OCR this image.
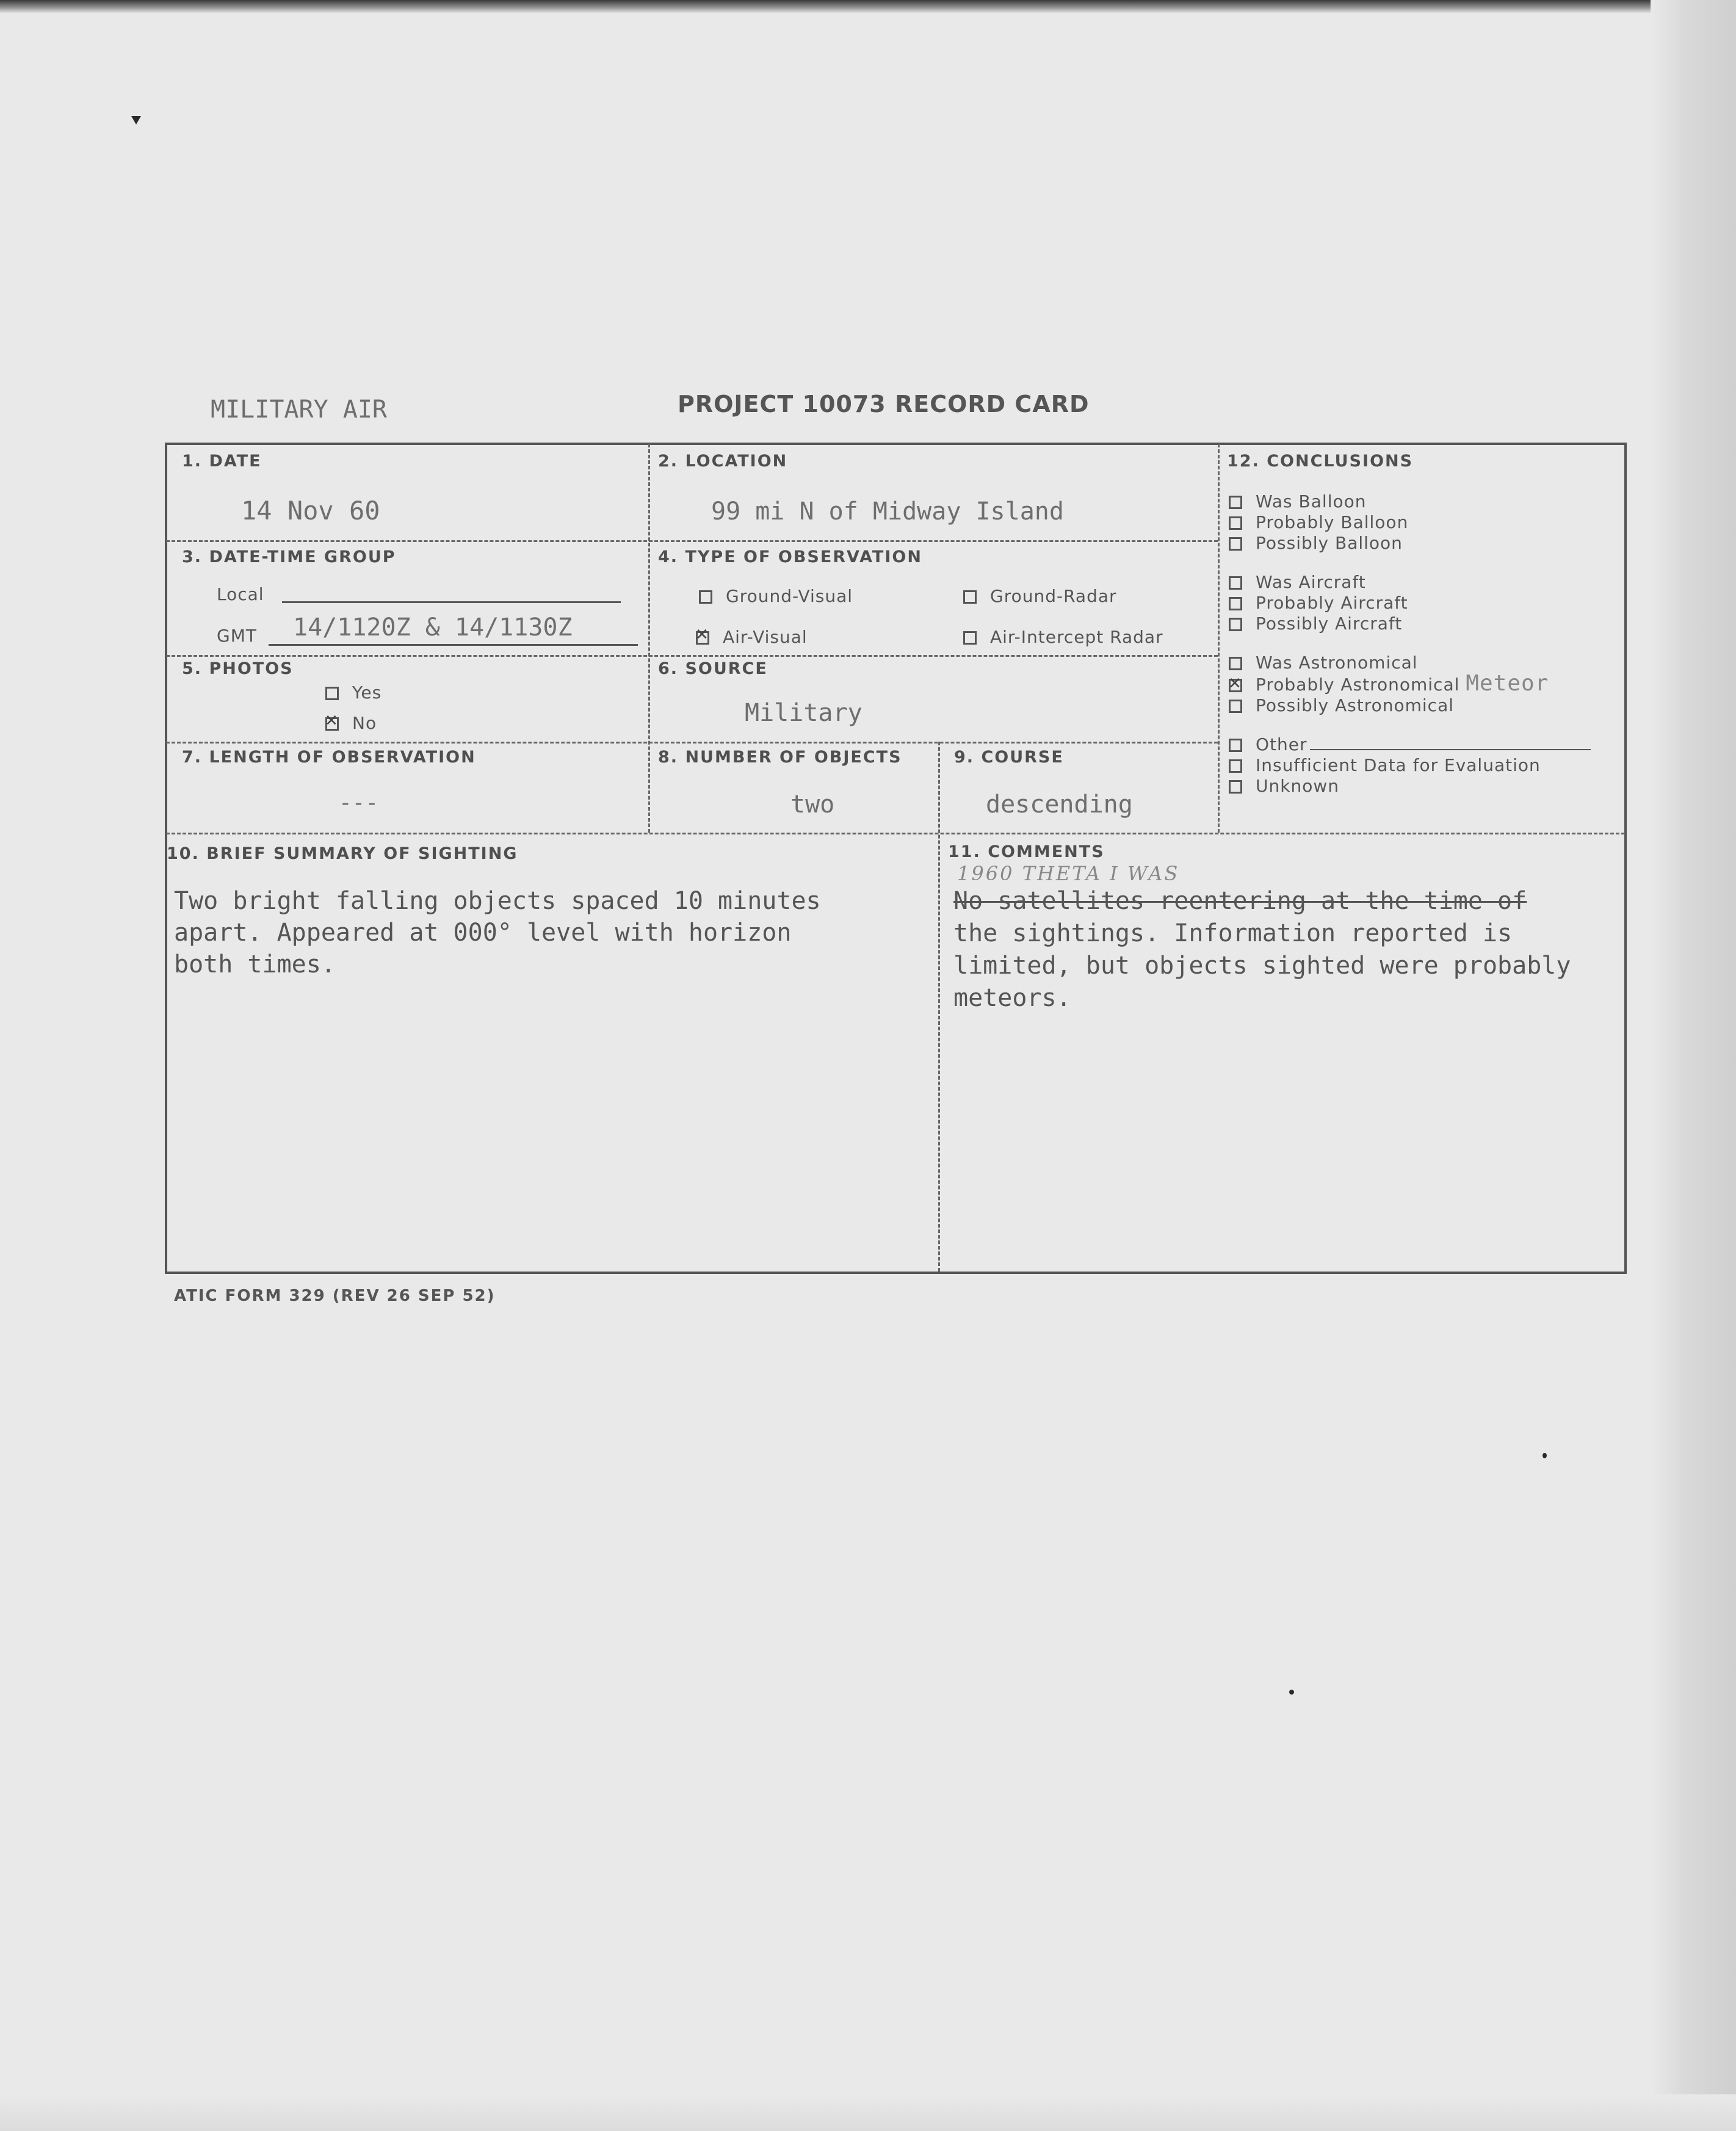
MILITARY AIR	PROJECT 10073 RECORD CARD
1. DATE
14 Nov 60
2. LOCATION
99 mi N of Midway Island
3. DATE-TIME GROUP
Local
GMT 14/1120Z & 14/1130Z
4. TYPE OF OBSERVATION
Ground-Visual	Ground-Radar
✕Air-Visual	Air-Intercept Radar
5. PHOTOS
Yes
✕No
6. SOURCE
Military
7. LENGTH OF OBSERVATION
---
8. NUMBER OF OBJECTS
two
9. COURSE
descending
10. BRIEF SUMMARY OF SIGHTING
Two bright falling objects spaced 10 minutes
apart. Appeared at 000° level with horizon
both times.
11. COMMENTS
1960 THETA I WAS
No satellites reentering at the time of
the sightings. Information reported is
limited, but objects sighted were probably
meteors.
12. CONCLUSIONS
Was Balloon
Probably Balloon
Possibly Balloon
Was Aircraft
Probably Aircraft
Possibly Aircraft
Was Astronomical
✕Probably Astronomical Meteor
Possibly Astronomical
Other
Insufficient Data for Evaluation
Unknown
ATIC FORM 329 (REV 26 SEP 52)
